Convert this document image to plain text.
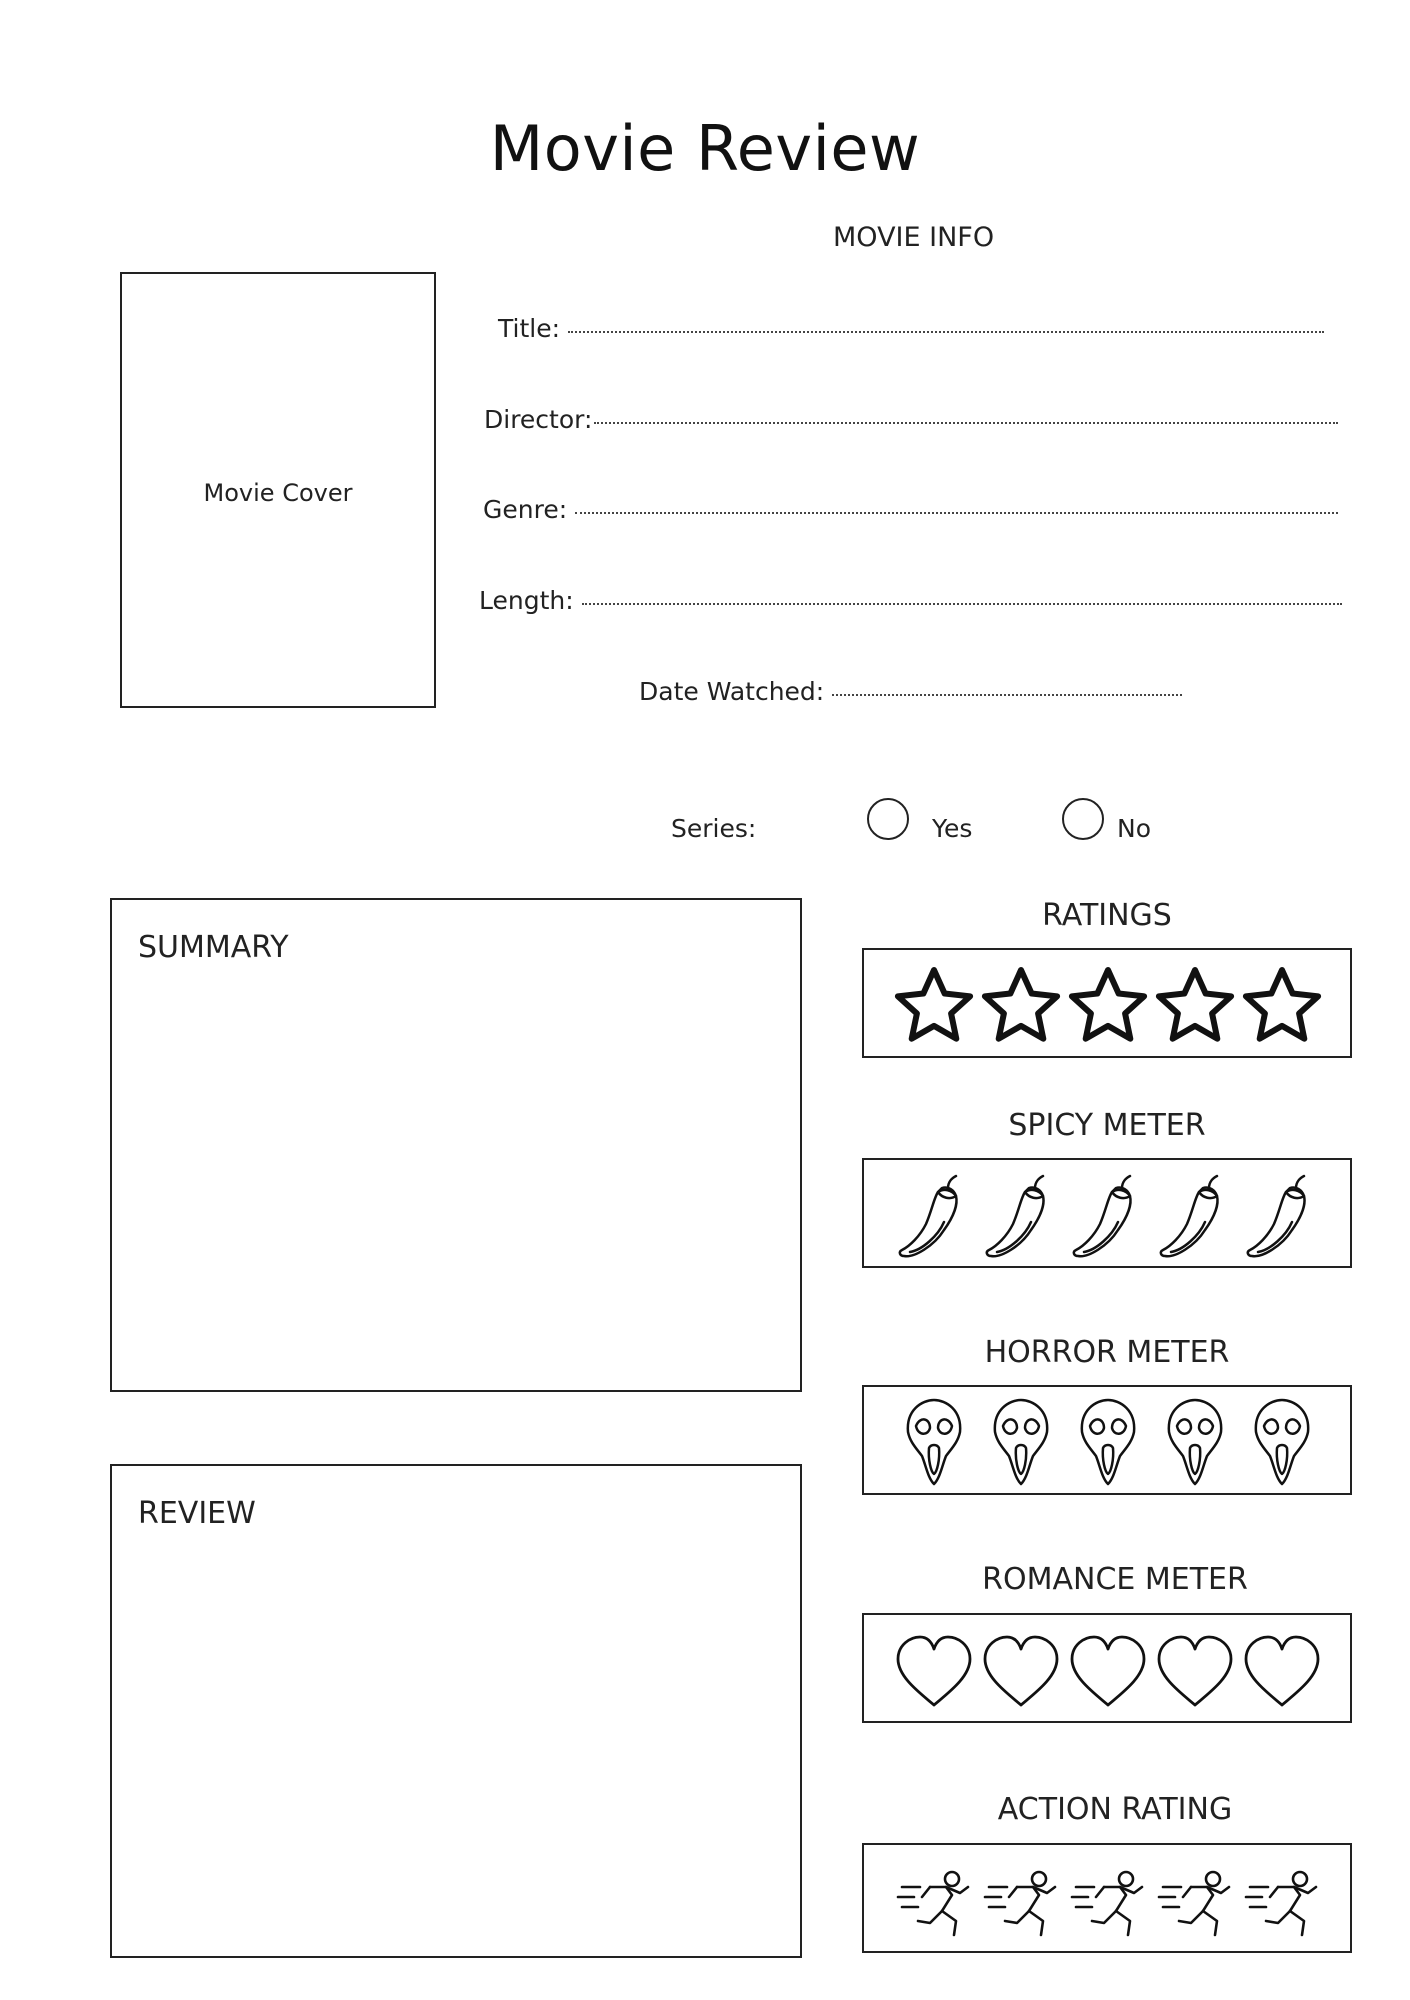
Movie Review
MOVIE INFO
Movie Cover
Title:
Director:
Genre:
Length:
Date Watched:
Series:	Yes	No
SUMMARY
REVIEW
RATINGS
SPICY METER
HORROR METER
ROMANCE METER
ACTION RATING
